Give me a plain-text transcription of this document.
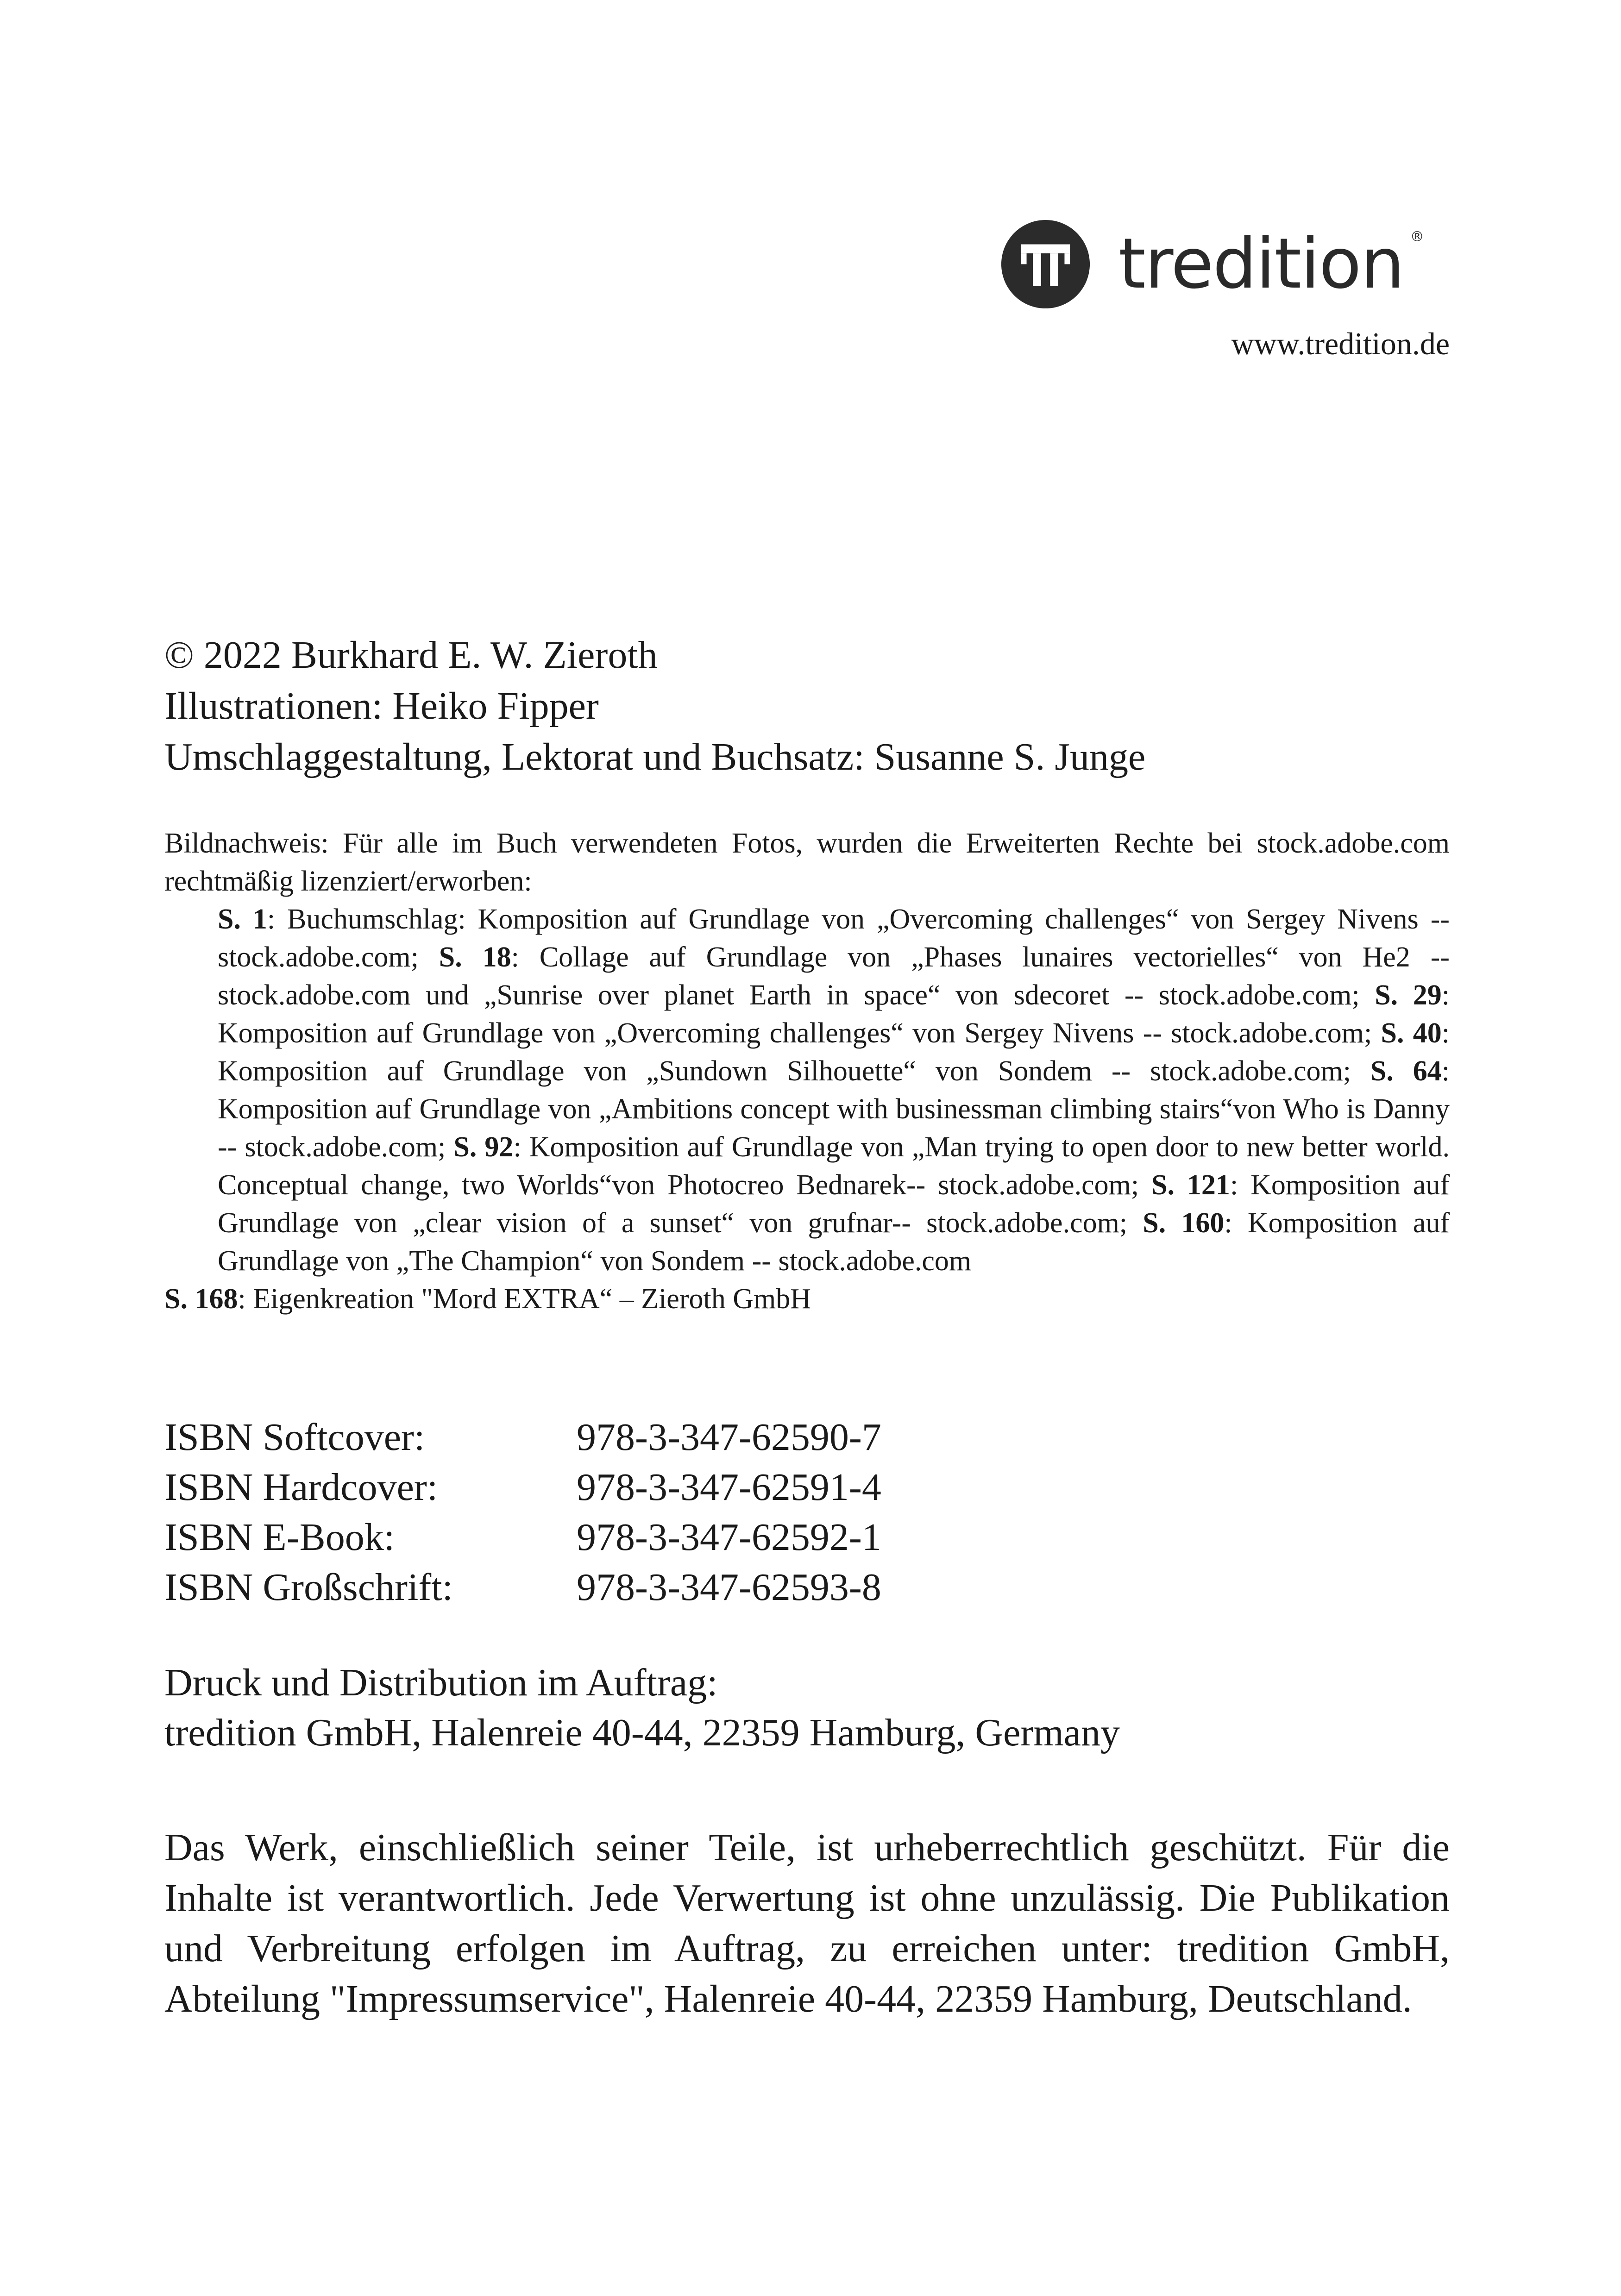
tredition ®
www.tredition.de
© 2022 Burkhard E. W. Zieroth
Illustrationen: Heiko Fipper
Umschlaggestaltung, Lektorat und Buchsatz: Susanne S. Junge
Bildnachweis: Für alle im Buch verwendeten Fotos, wurden die Erweiterten Rechte bei stock.adobe.com rechtmäßig lizenziert/erworben:
S. 1: Buchumschlag: Komposition auf Grundlage von „Overcoming challenges“ von Sergey Nivens -- stock.adobe.com; S. 18: Collage auf Grundlage von „Phases lunaires vectorielles“ von He2 -- stock.adobe.com und „Sunrise over planet Earth in space“ von sdecoret -- stock.adobe.com; S. 29: Komposition auf Grundlage von „Overcoming challenges“ von Sergey Nivens -- stock.adobe.com; S. 40: Komposition auf Grundlage von „Sundown Silhouette“ von Sondem -- stock.adobe.com; S. 64: Komposition auf Grundlage von „Ambitions concept with businessman climbing stairs“von Who is Danny -- stock.adobe.com; S. 92: Komposition auf Grundlage von „Man trying to open door to new better world. Conceptual change, two Worlds“von Photocreo Bednarek-- stock.adobe.com; S. 121: Komposition auf Grundlage von „clear vision of a sunset“ von grufnar-- stock.adobe.com; S. 160: Komposition auf Grundlage von „The Champion“ von Sondem -- stock.adobe.com
S. 168: Eigenkreation "Mord EXTRA“ – Zieroth GmbH
ISBN Softcover:	978-3-347-62590-7
ISBN Hardcover:	978-3-347-62591-4
ISBN E-Book:	978-3-347-62592-1
ISBN Großschrift:	978-3-347-62593-8
Druck und Distribution im Auftrag:
tredition GmbH, Halenreie 40-44, 22359 Hamburg, Germany
Das Werk, einschließlich seiner Teile, ist urheberrechtlich geschützt. Für die Inhalte ist verantwortlich. Jede Verwertung ist ohne unzulässig. Die Publikation und Verbreitung erfolgen im Auftrag, zu erreichen unter: tredition GmbH, Abteilung "Impressumservice", Halenreie 40-44, 22359 Hamburg, Deutschland.
